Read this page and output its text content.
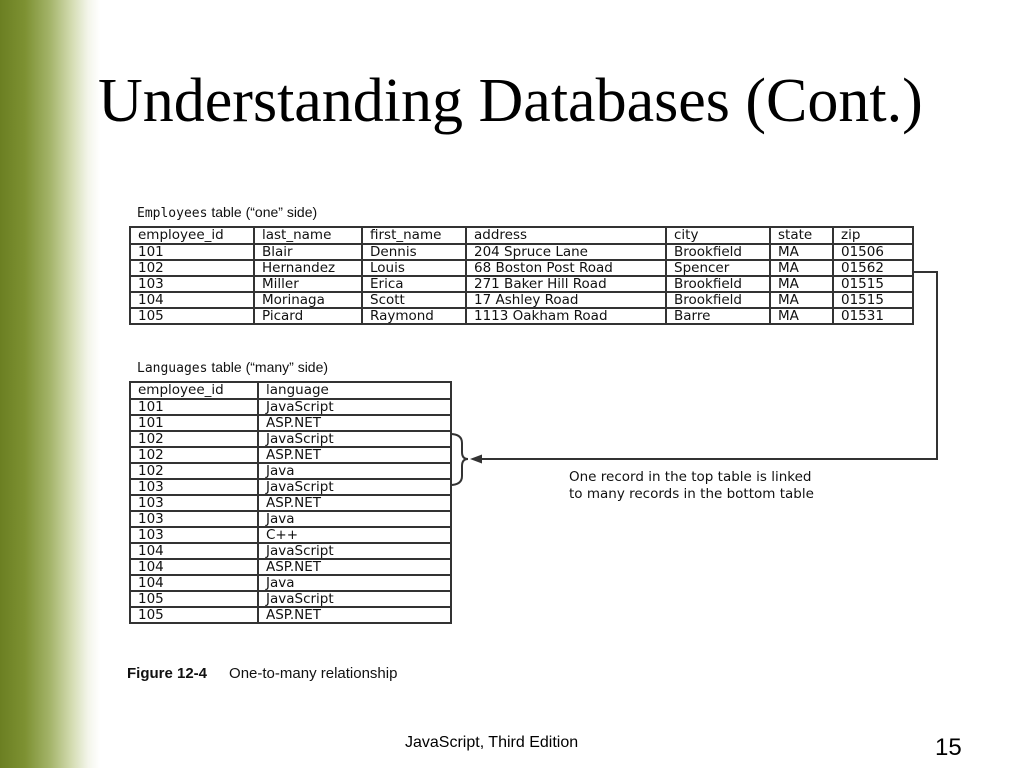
Understanding Databases (Cont.)
Employees table (“one” side)
employee_id	last_name	first_name	address	city	state	zip
101	Blair	Dennis	204 Spruce Lane	Brookfield	MA	01506
102	Hernandez	Louis	68 Boston Post Road	Spencer	MA	01562
103	Miller	Erica	271 Baker Hill Road	Brookfield	MA	01515
104	Morinaga	Scott	17 Ashley Road	Brookfield	MA	01515
105	Picard	Raymond	1113 Oakham Road	Barre	MA	01531
Languages table (“many” side)
employee_id	language
101	JavaScript
101	ASP.NET
102	JavaScript
102	ASP.NET
102	Java
103	JavaScript
103	ASP.NET
103	Java
103	C++
104	JavaScript
104	ASP.NET
104	Java
105	JavaScript
105	ASP.NET
One record in the top table is linked
to many records in the bottom table
Figure 12-4 One-to-many relationship
JavaScript, Third Edition	15
